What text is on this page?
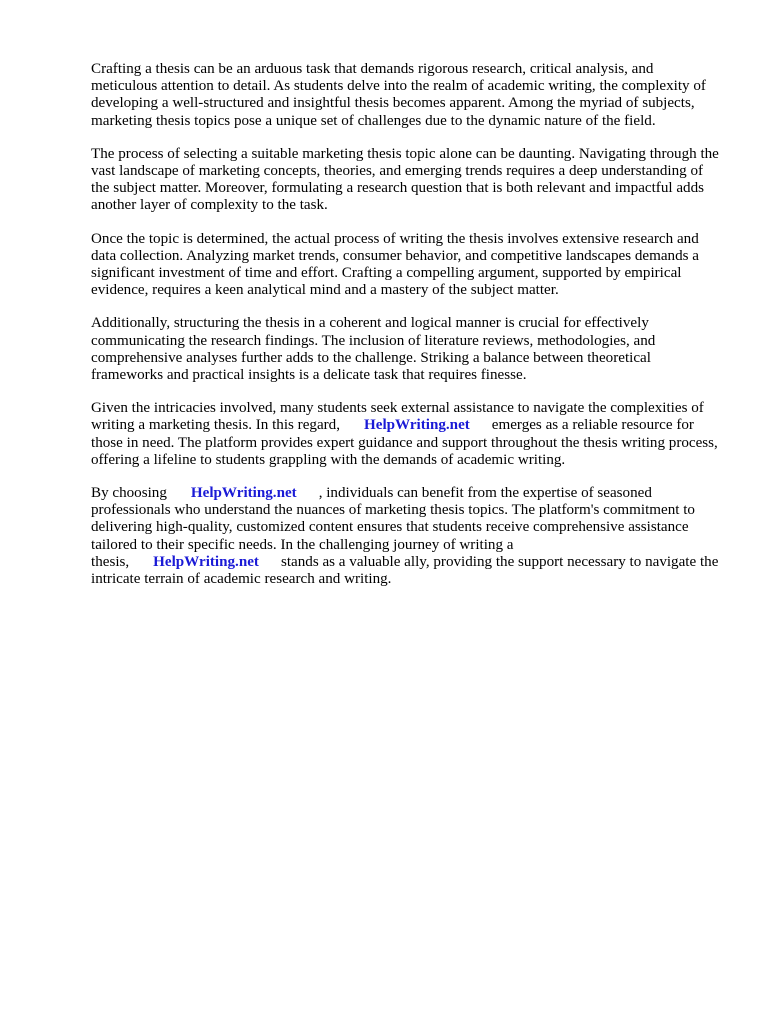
Crafting a thesis can be an arduous task that demands rigorous research, critical analysis, and meticulous attention to detail. As students delve into the realm of academic writing, the complexity of developing a well-structured and insightful thesis becomes apparent. Among the myriad of subjects, marketing thesis topics pose a unique set of challenges due to the dynamic nature of the field.

The process of selecting a suitable marketing thesis topic alone can be daunting. Navigating through the vast landscape of marketing concepts, theories, and emerging trends requires a deep understanding of the subject matter. Moreover, formulating a research question that is both relevant and impactful adds another layer of complexity to the task.

Once the topic is determined, the actual process of writing the thesis involves extensive research and data collection. Analyzing market trends, consumer behavior, and competitive landscapes demands a significant investment of time and effort. Crafting a compelling argument, supported by empirical evidence, requires a keen analytical mind and a mastery of the subject matter.

Additionally, structuring the thesis in a coherent and logical manner is crucial for effectively communicating the research findings. The inclusion of literature reviews, methodologies, and comprehensive analyses further adds to the challenge. Striking a balance between theoretical frameworks and practical insights is a delicate task that requires finesse.

Given the intricacies involved, many students seek external assistance to navigate the complexities of writing a marketing thesis. In this regard, HelpWriting.net emerges as a reliable resource for those in need. The platform provides expert guidance and support throughout the thesis writing process, offering a lifeline to students grappling with the demands of academic writing.

By choosing HelpWriting.net , individuals can benefit from the expertise of seasoned professionals who understand the nuances of marketing thesis topics. The platform's commitment to delivering high-quality, customized content ensures that students receive comprehensive assistance tailored to their specific needs. In the challenging journey of writing a thesis, HelpWriting.net stands as a valuable ally, providing the support necessary to navigate the intricate terrain of academic research and writing.
